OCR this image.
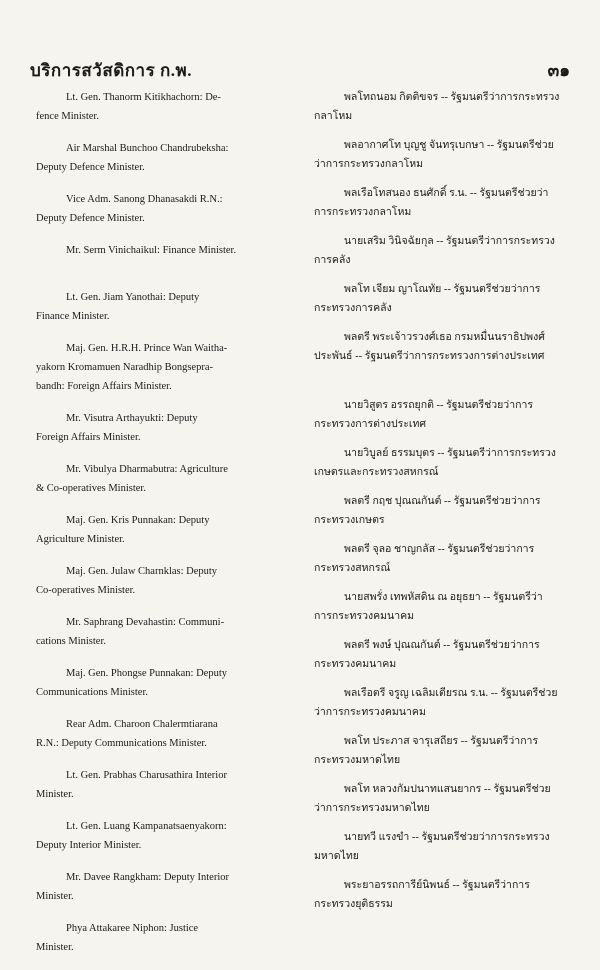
บริการสวัสดิการ ก.พ.	๓๑
Lt. Gen. Thanorm Kitikhachorn: De-
fence Minister.
Air Marshal Bunchoo Chandrubeksha:
Deputy Defence Minister.
Vice Adm. Sanong Dhanasakdi R.N.:
Deputy Defence Minister.
Mr. Serm Vinichaikul: Finance Minister.
Lt. Gen. Jiam Yanothai: Deputy
Finance Minister.
Maj. Gen. H.R.H. Prince Wan Waitha-
yakorn Kromamuen Naradhip Bongsepra-
bandh: Foreign Affairs Minister.
Mr. Visutra Arthayukti: Deputy
Foreign Affairs Minister.
Mr. Vibulya Dharmabutra: Agriculture
& Co-operatives Minister.
Maj. Gen. Kris Punnakan: Deputy
Agriculture Minister.
Maj. Gen. Julaw Charnklas: Deputy
Co-operatives Minister.
Mr. Saphrang Devahastin: Communi-
cations Minister.
Maj. Gen. Phongse Punnakan: Deputy
Communications Minister.
Rear Adm. Charoon Chalermtiarana
R.N.: Deputy Communications Minister.
Lt. Gen. Prabhas Charusathira Interior
Minister.
Lt. Gen. Luang Kampanatsaenyakorn:
Deputy Interior Minister.
Mr. Davee Rangkham: Deputy Interior
Minister.
Phya Attakaree Niphon: Justice
Minister.
พลโทถนอม กิตติขจร -- รัฐมนตรีว่าการกระทรวง
กลาโหม
พลอากาศโท บุญชู จันทรุเบกษา -- รัฐมนตรีช่วย
ว่าการกระทรวงกลาโหม
พลเรือโทสนอง ธนศักดิ์ ร.น. -- รัฐมนตรีช่วยว่า
การกระทรวงกลาโหม
นายเสริม วินิจฉัยกุล -- รัฐมนตรีว่าการกระทรวง
การคลัง
พลโท เจียม ญาโณทัย -- รัฐมนตรีช่วยว่าการ
กระทรวงการคลัง
พลตรี พระเจ้าวรวงศ์เธอ กรมหมื่นนราธิปพงศ์
ประพันธ์ -- รัฐมนตรีว่าการกระทรวงการต่างประเทศ
นายวิสูตร อรรถยุกติ -- รัฐมนตรีช่วยว่าการ
กระทรวงการต่างประเทศ
นายวิบูลย์ ธรรมบุตร -- รัฐมนตรีว่าการกระทรวง
เกษตรและกระทรวงสหกรณ์
พลตรี กฤช ปุณณกันต์ -- รัฐมนตรีช่วยว่าการ
กระทรวงเกษตร
พลตรี จุลอ ชาญกลัส -- รัฐมนตรีช่วยว่าการ
กระทรวงสหกรณ์
นายสพรั่ง เทพหัสดิน ณ อยุธยา -- รัฐมนตรีว่า
การกระทรวงคมนาคม
พลตรี พงษ์ ปุณณกันต์ -- รัฐมนตรีช่วยว่าการ
กระทรวงคมนาคม
พลเรือตรี จรูญ เฉลิมเตียรณ ร.น. -- รัฐมนตรีช่วย
ว่าการกระทรวงคมนาคม
พลโท ประภาส จารุเสถียร -- รัฐมนตรีว่าการ
กระทรวงมหาดไทย
พลโท หลวงกัมปนาทแสนยากร -- รัฐมนตรีช่วย
ว่าการกระทรวงมหาดไทย
นายทวี แรงขำ -- รัฐมนตรีช่วยว่าการกระทรวง
มหาดไทย
พระยาอรรถการีย์นิพนธ์ -- รัฐมนตรีว่าการ
กระทรวงยุติธรรม
